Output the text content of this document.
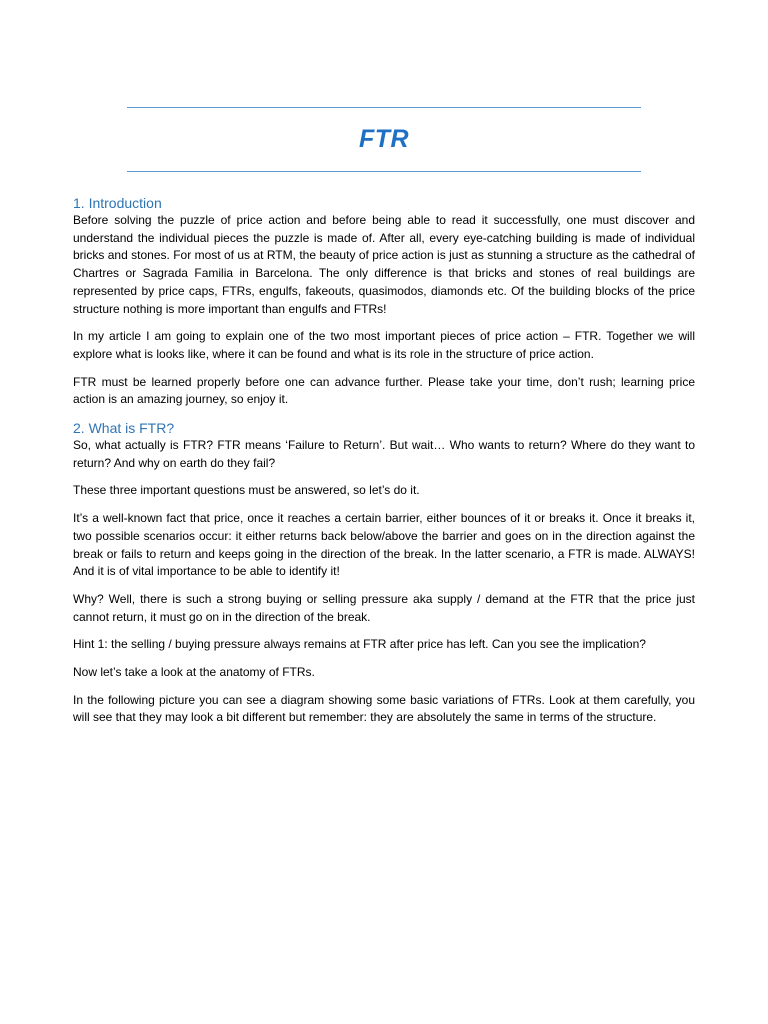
FTR

1. Introduction

Before solving the puzzle of price action and before being able to read it successfully, one must discover and understand the individual pieces the puzzle is made of. After all, every eye-catching building is made of individual bricks and stones. For most of us at RTM, the beauty of price action is just as stunning a structure as the cathedral of Chartres or Sagrada Familia in Barcelona. The only difference is that bricks and stones of real buildings are represented by price caps, FTRs, engulfs, fakeouts, quasimodos, diamonds etc. Of the building blocks of the price structure nothing is more important than engulfs and FTRs!

In my article I am going to explain one of the two most important pieces of price action – FTR. Together we will explore what is looks like, where it can be found and what is its role in the structure of price action.

FTR must be learned properly before one can advance further. Please take your time, don’t rush; learning price action is an amazing journey, so enjoy it.

2. What is FTR?

So, what actually is FTR? FTR means ‘Failure to Return’. But wait… Who wants to return? Where do they want to return? And why on earth do they fail?

These three important questions must be answered, so let’s do it.

It’s a well-known fact that price, once it reaches a certain barrier, either bounces of it or breaks it. Once it breaks it, two possible scenarios occur: it either returns back below/above the barrier and goes on in the direction against the break or fails to return and keeps going in the direction of the break. In the latter scenario, a FTR is made. ALWAYS! And it is of vital importance to be able to identify it!

Why? Well, there is such a strong buying or selling pressure aka supply / demand at the FTR that the price just cannot return, it must go on in the direction of the break.

Hint 1: the selling / buying pressure always remains at FTR after price has left. Can you see the implication?

Now let’s take a look at the anatomy of FTRs.

In the following picture you can see a diagram showing some basic variations of FTRs. Look at them carefully, you will see that they may look a bit different but remember: they are absolutely the same in terms of the structure.
